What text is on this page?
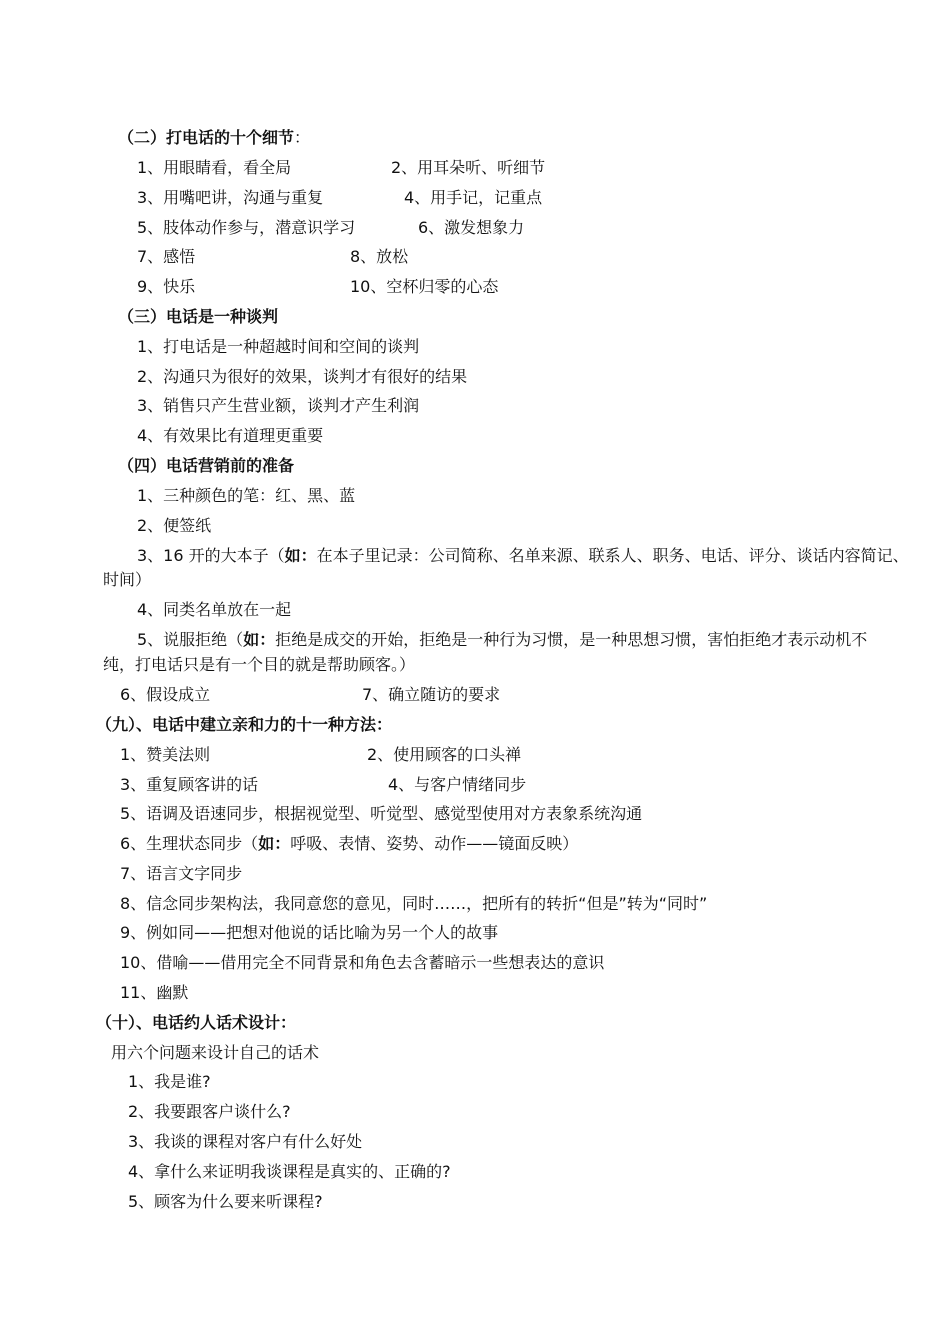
（二）打电话的十个细节：
1、用眼睛看，看全局	2、用耳朵听、听细节
3、用嘴吧讲，沟通与重复	4、用手记，记重点
5、肢体动作参与，潜意识学习	6、激发想象力
7、感悟	8、放松
9、快乐	10、空杯归零的心态
（三）电话是一种谈判
1、打电话是一种超越时间和空间的谈判
2、沟通只为很好的效果，谈判才有很好的结果
3、销售只产生营业额，谈判才产生利润
4、有效果比有道理更重要
（四）电话营销前的准备
1、三种颜色的笔：红、黑、蓝
2、便签纸
3、16 开的大本子（如：在本子里记录：公司简称、名单来源、联系人、职务、电话、评分、谈话内容简记、
时间）
4、同类名单放在一起
5、说服拒绝（如：拒绝是成交的开始，拒绝是一种行为习惯，是一种思想习惯，害怕拒绝才表示动机不
纯，打电话只是有一个目的就是帮助顾客。）
6、假设成立	7、确立随访的要求
（九）、电话中建立亲和力的十一种方法：
1、赞美法则	2、使用顾客的口头禅
3、重复顾客讲的话	4、与客户情绪同步
5、语调及语速同步，根据视觉型、听觉型、感觉型使用对方表象系统沟通
6、生理状态同步（如：呼吸、表情、姿势、动作——镜面反映）
7、语言文字同步
8、信念同步架构法，我同意您的意见，同时……，把所有的转折“但是”转为“同时”
9、例如同——把想对他说的话比喻为另一个人的故事
10、借喻——借用完全不同背景和角色去含蓄暗示一些想表达的意识
11、幽默
（十）、电话约人话术设计：
用六个问题来设计自己的话术
1、我是谁?
2、我要跟客户谈什么?
3、我谈的课程对客户有什么好处
4、拿什么来证明我谈课程是真实的、正确的?
5、顾客为什么要来听课程?
